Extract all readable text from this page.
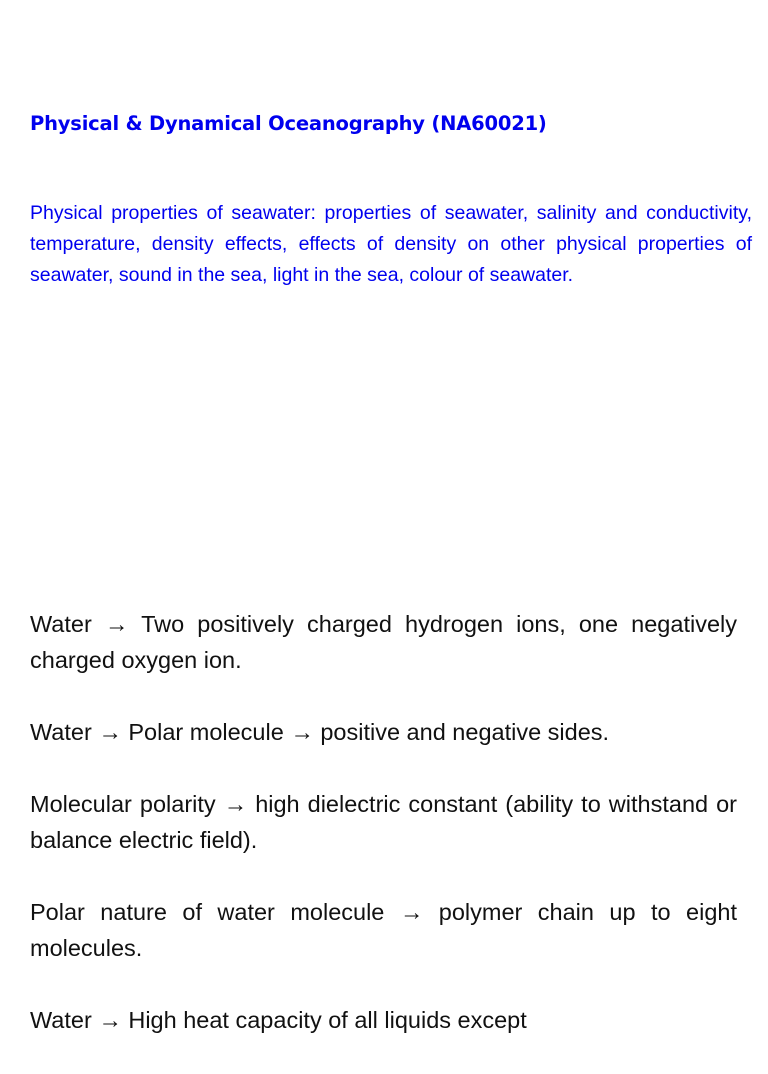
Physical & Dynamical Oceanography (NA60021)

Physical properties of seawater: properties of seawater, salinity and conductivity, temperature, density effects, effects of density on other physical properties of seawater, sound in the sea, light in the sea, colour of seawater.

Water → Two positively charged hydrogen ions, one negatively charged oxygen ion.

Water → Polar molecule → positive and negative sides.

Molecular polarity → high dielectric constant (ability to withstand or balance electric field).

Polar nature of water molecule → polymer chain up to eight molecules.

Water → High heat capacity of all liquids except
